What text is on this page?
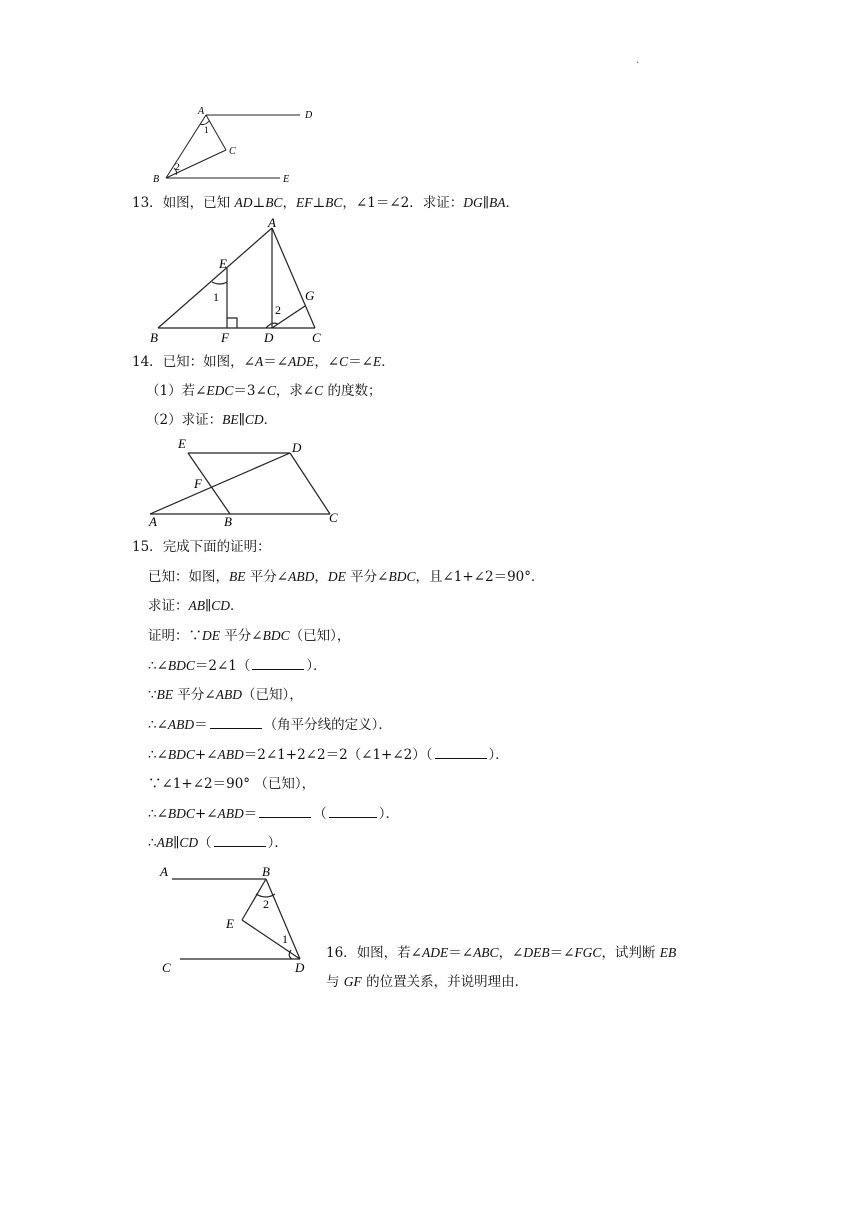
·
A	D
C
B	E
1
2
13．如图，已知 AD⊥BC，EF⊥BC，∠1＝∠2．求证：DG∥BA．
A
E
G
B	F	D	C
1
2
14．已知：如图，∠A＝∠ADE，∠C＝∠E．
（1）若∠EDC＝3∠C，求∠C 的度数；
（2）求证：BE∥CD．
E	D
F
A	B	C
15．完成下面的证明：
已知：如图，BE 平分∠ABD，DE 平分∠BDC，且∠1+∠2＝90°．
求证：AB∥CD．
证明：∵DE 平分∠BDC（已知），
∴∠BDC＝2∠1（	）．
∵BE 平分∠ABD（已知），
∴∠ABD＝	（角平分线的定义）．
∴∠BDC+∠ABD＝2∠1+2∠2＝2（∠1+∠2）（	）．
∵∠1+∠2＝90° （已知），
∴∠BDC+∠ABD＝	（	）．
∴AB∥CD（	）．
A	B
E
C	D
2
1
16．如图，若∠ADE＝∠ABC，∠DEB＝∠FGC，试判断 EB
与 GF 的位置关系，并说明理由．
